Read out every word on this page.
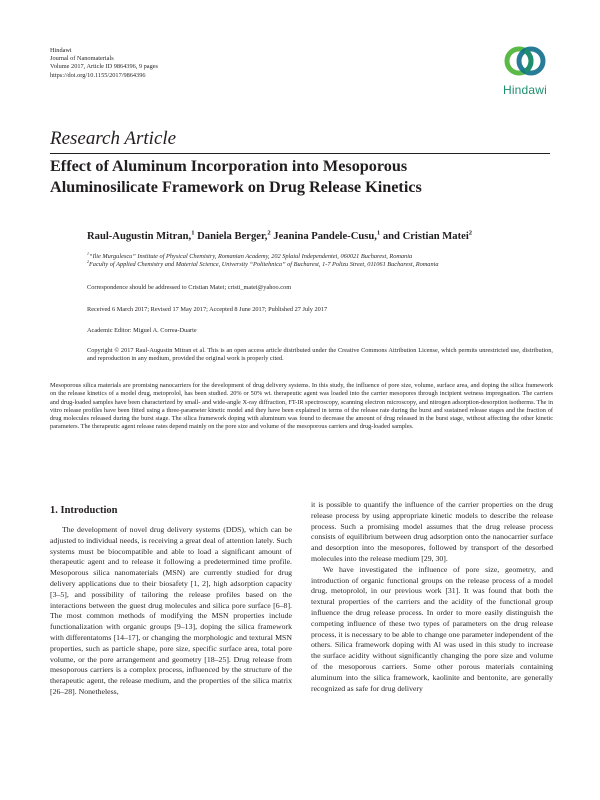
Hindawi
Journal of Nanomaterials
Volume 2017, Article ID 9864396, 9 pages
https://doi.org/10.1155/2017/9864396
Hindawi
Research Article
Effect of Aluminum Incorporation into Mesoporous Aluminosilicate Framework on Drug Release Kinetics
Raul-Augustin Mitran,$^1$ Daniela Berger,$^2$ Jeanina Pandele-Cusu,$^1$ and Cristian Matei$^2$
$^1$“Ilie Murgulescu” Institute of Physical Chemistry, Romanian Academy, 202 Splaiul Independentei, 060021 Bucharest, Romania
$^2$Faculty of Applied Chemistry and Material Science, University “Politehnica” of Bucharest, 1-7 Polizu Street, 011061 Bucharest, Romania
Correspondence should be addressed to Cristian Matei; cristi_matei@yahoo.com
Received 6 March 2017; Revised 17 May 2017; Accepted 8 June 2017; Published 27 July 2017
Academic Editor: Miguel A. Correa-Duarte
Copyright © 2017 Raul-Augustin Mitran et al. This is an open access article distributed under the Creative Commons Attribution License, which permits unrestricted use, distribution, and reproduction in any medium, provided the original work is properly cited.
Mesoporous silica materials are promising nanocarriers for the development of drug delivery systems. In this study, the influence of pore size, volume, surface area, and doping the silica framework on the release kinetics of a model drug, metoprolol, has been studied. 20% or 50% wt. therapeutic agent was loaded into the carrier mesopores through incipient wetness impregnation. The carriers and drug-loaded samples have been characterized by small- and wide-angle X-ray diffraction, FT-IR spectroscopy, scanning electron microscopy, and nitrogen adsorption-desorption isotherms. The in vitro release profiles have been fitted using a three-parameter kinetic model and they have been explained in terms of the release rate during the burst and sustained release stages and the fraction of drug molecules released during the burst stage. The silica framework doping with aluminum was found to decrease the amount of drug released in the burst stage, without affecting the other kinetic parameters. The therapeutic agent release rates depend mainly on the pore size and volume of the mesoporous carriers and drug-loaded samples.
1. Introduction

The development of novel drug delivery systems (DDS), which can be adjusted to individual needs, is receiving a great deal of attention lately. Such systems must be biocompatible and able to load a significant amount of therapeutic agent and to release it following a predetermined time profile. Mesoporous silica nanomaterials (MSN) are currently studied for drug delivery applications due to their biosafety [1, 2], high adsorption capacity [3–5], and possibility of tailoring the release profiles based on the interactions between the guest drug molecules and silica pore surface [6–8]. The most common methods of modifying the MSN properties include functionalization with organic groups [9–13], doping the silica framework with differentatoms [14–17], or changing the morphologic and textural MSN properties, such as particle shape, pore size, specific surface area, total pore volume, or the pore arrangement and geometry [18–25]. Drug release from mesoporous carriers is a complex process, influenced by the structure of the therapeutic agent, the release medium, and the properties of the silica matrix [26–28]. Nonetheless,

it is possible to quantify the influence of the carrier properties on the drug release process by using appropriate kinetic models to describe the release process. Such a promising model assumes that the drug release process consists of equilibrium between drug adsorption onto the nanocarrier surface and desorption into the mesopores, followed by transport of the desorbed molecules into the release medium [29, 30].

We have investigated the influence of pore size, geometry, and introduction of organic functional groups on the release process of a model drug, metoprolol, in our previous work [31]. It was found that both the textural properties of the carriers and the acidity of the functional group influence the drug release process. In order to more easily distinguish the competing influence of these two types of parameters on the drug release process, it is necessary to be able to change one parameter independent of the others. Silica framework doping with Al was used in this study to increase the surface acidity without significantly changing the pore size and volume of the mesoporous carriers. Some other porous materials containing aluminum into the silica framework, kaolinite and bentonite, are generally recognized as safe for drug delivery
